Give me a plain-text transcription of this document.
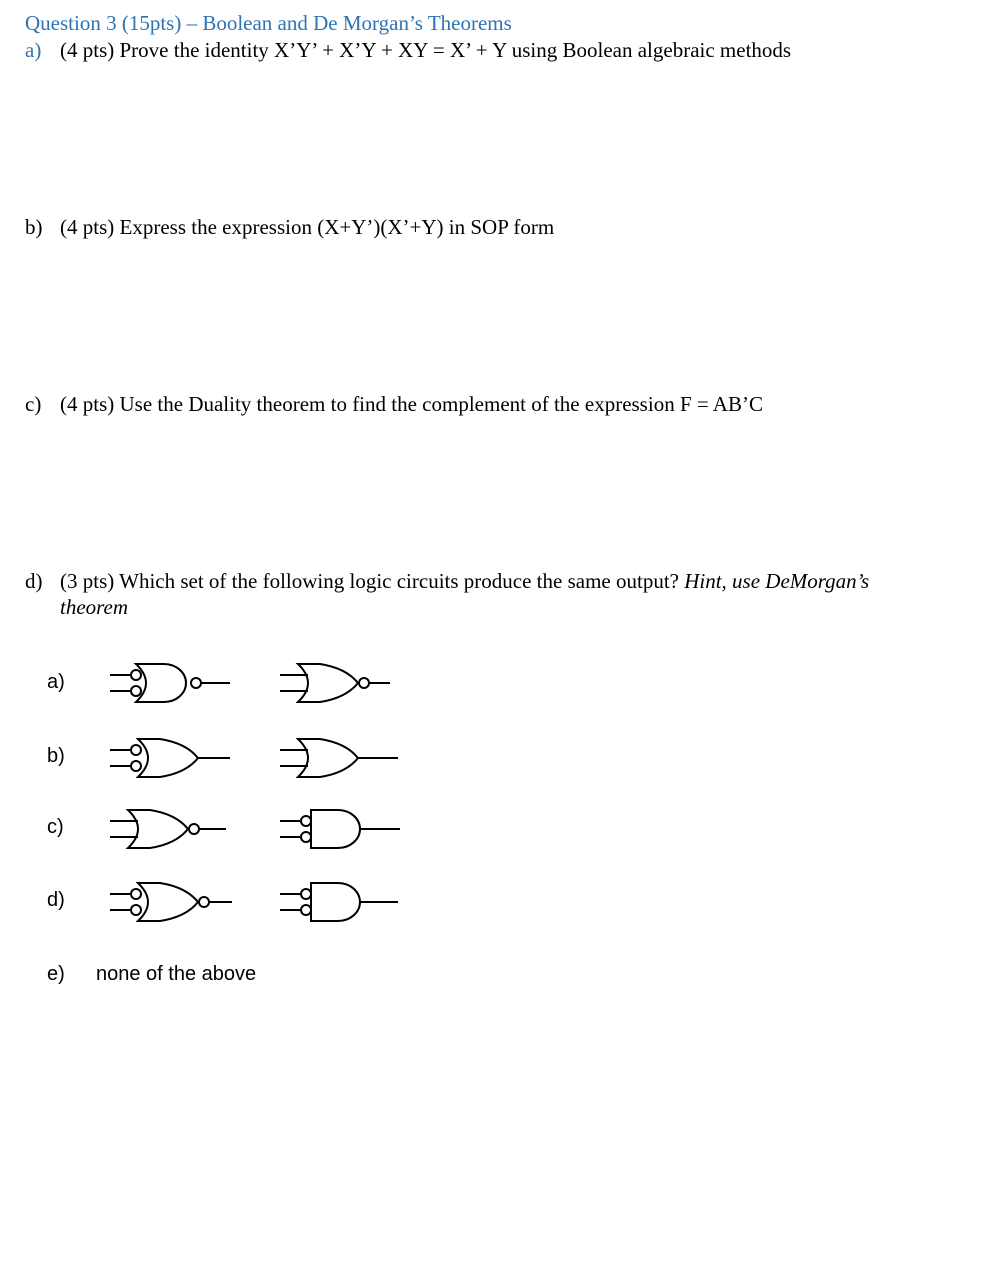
Question 3 (15pts) – Boolean and De Morgan’s Theorems
a) (4 pts) Prove the identity X’Y’ + X’Y + XY = X’ + Y using Boolean algebraic methods
b) (4 pts) Express the expression (X+Y’)(X’+Y) in SOP form
c) (4 pts) Use the Duality theorem to find the complement of the expression F = AB’C
d) (3 pts) Which set of the following logic circuits produce the same output? Hint, use DeMorgan’s
theorem
a)
b)
c)
d)
e) none of the above
